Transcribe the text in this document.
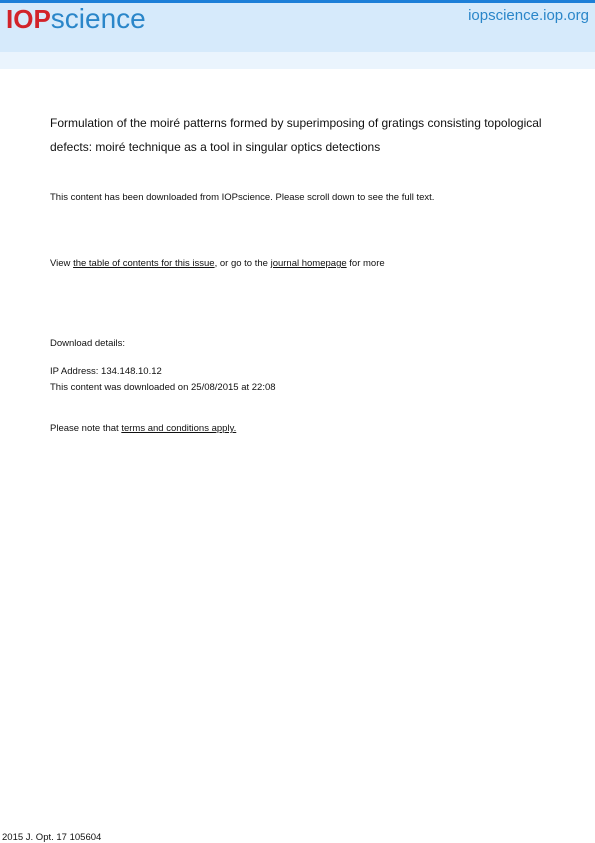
IOPscience	iopscience.iop.org
Formulation of the moiré patterns formed by superimposing of gratings consisting topological defects: moiré technique as a tool in singular optics detections
This content has been downloaded from IOPscience. Please scroll down to see the full text.
View the table of contents for this issue, or go to the journal homepage for more
Download details:
IP Address: 134.148.10.12
This content was downloaded on 25/08/2015 at 22:08
Please note that terms and conditions apply.
2015 J. Opt. 17 105604
